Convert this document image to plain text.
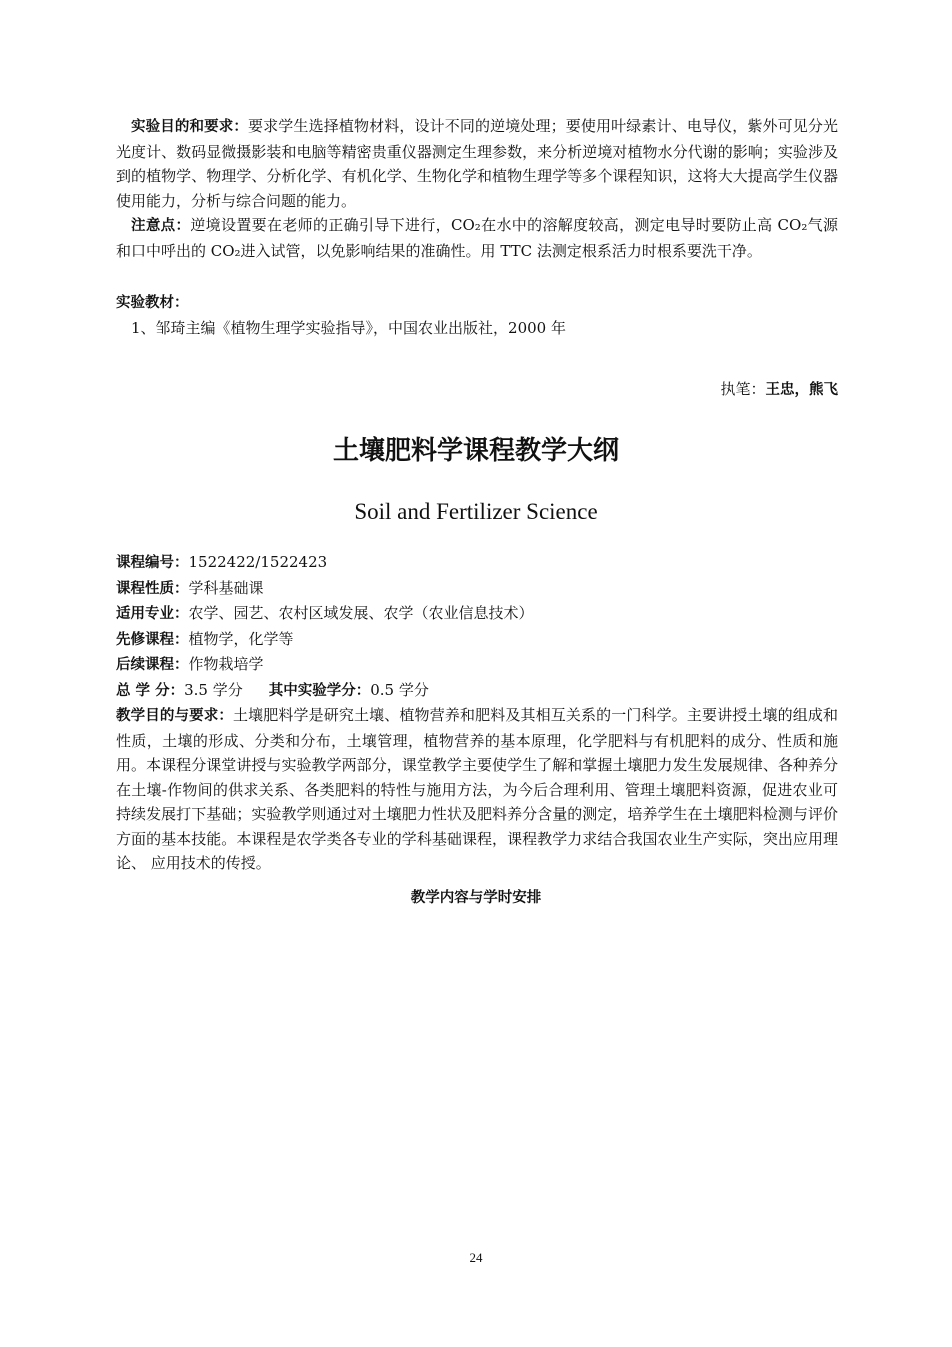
实验目的和要求：要求学生选择植物材料，设计不同的逆境处理；要使用叶绿素计、电导仪，紫外可见分光光度计、数码显微摄影装和电脑等精密贵重仪器测定生理参数，来分析逆境对植物水分代谢的影响；实验涉及到的植物学、物理学、分析化学、有机化学、生物化学和植物生理学等多个课程知识，这将大大提高学生仪器使用能力，分析与综合问题的能力。

注意点：逆境设置要在老师的正确引导下进行，CO₂在水中的溶解度较高，测定电导时要防止高 CO₂气源和口中呼出的 CO₂进入试管，以免影响结果的准确性。用 TTC 法测定根系活力时根系要洗干净。

实验教材：

1、邹琦主编《植物生理学实验指导》，中国农业出版社，2000 年

执笔：王忠，熊飞
土壤肥料学课程教学大纲
Soil and Fertilizer Science

课程编号：1522422/1522423

课程性质：学科基础课

适用专业：农学、园艺、农村区域发展、农学（农业信息技术）

先修课程：植物学，化学等

后续课程：作物栽培学

总 学 分：3.5 学分 其中实验学分：0.5 学分

教学目的与要求：土壤肥料学是研究土壤、植物营养和肥料及其相互关系的一门科学。主要讲授土壤的组成和性质，土壤的形成、分类和分布，土壤管理，植物营养的基本原理，化学肥料与有机肥料的成分、性质和施用。本课程分课堂讲授与实验教学两部分，课堂教学主要使学生了解和掌握土壤肥力发生发展规律、各种养分在土壤-作物间的供求关系、各类肥料的特性与施用方法，为今后合理利用、管理土壤肥料资源，促进农业可持续发展打下基础；实验教学则通过对土壤肥力性状及肥料养分含量的测定，培养学生在土壤肥料检测与评价方面的基本技能。本课程是农学类各专业的学科基础课程，课程教学力求结合我国农业生产实际，突出应用理论、 应用技术的传授。

教学内容与学时安排
24
